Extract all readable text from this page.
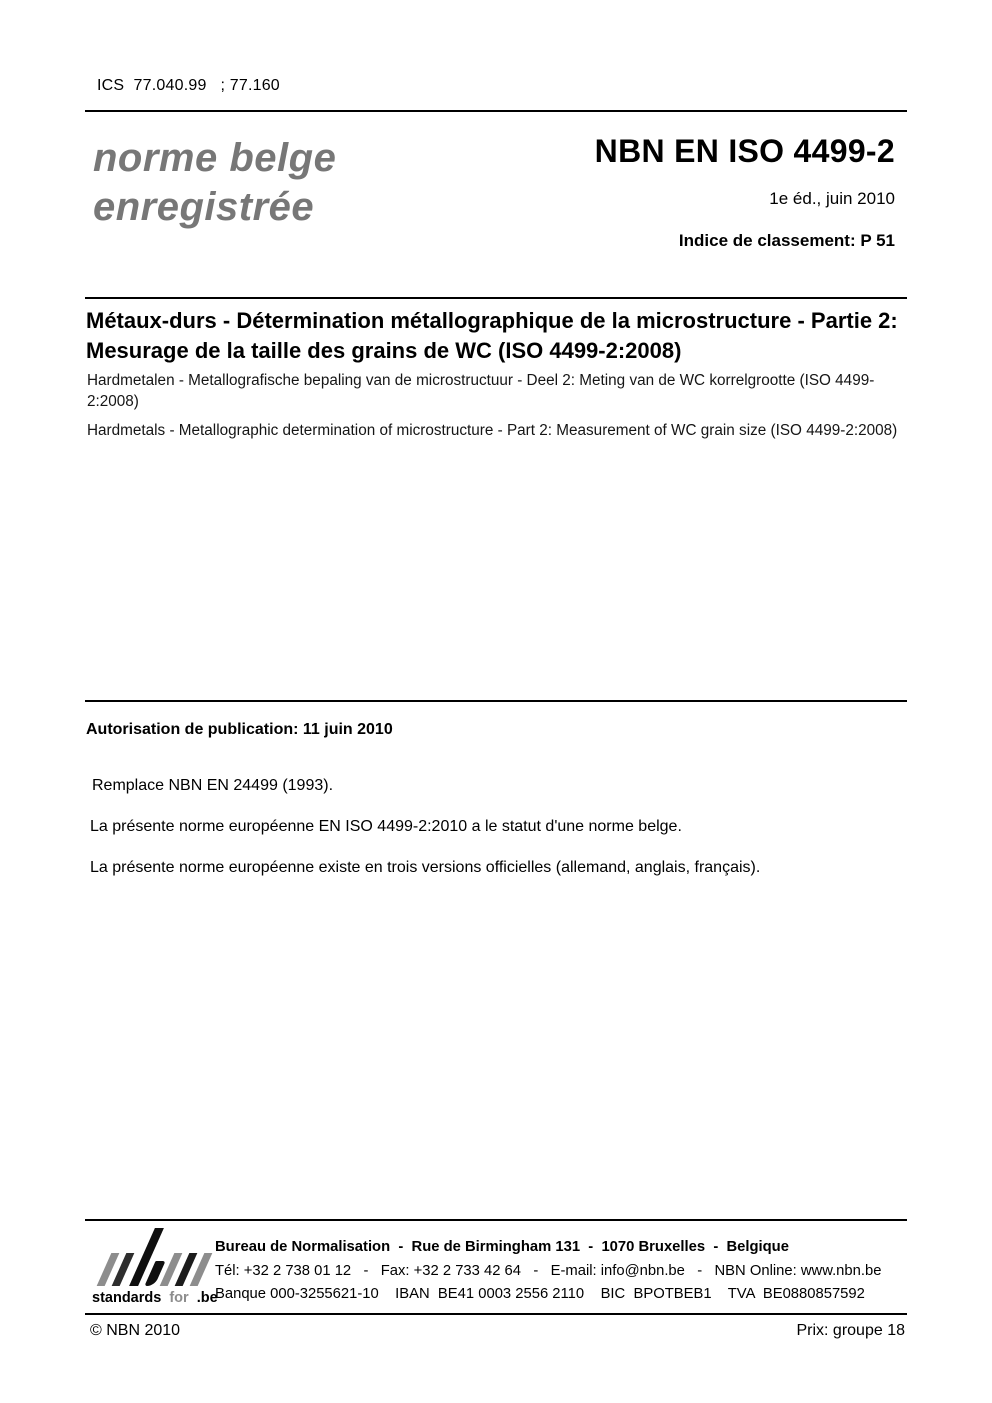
ICS  77.040.99   ; 77.160
norme belge
enregistrée
NBN EN ISO 4499-2
1e éd., juin 2010
Indice de classement: P 51
Métaux-durs - Détermination métallographique de la microstructure - Partie 2: Mesurage de la taille des grains de WC (ISO 4499-2:2008)
Hardmetalen - Metallografische bepaling van de microstructuur - Deel 2: Meting van de WC korrelgrootte (ISO 4499-2:2008)
Hardmetals - Metallographic determination of microstructure - Part 2: Measurement of WC grain size (ISO 4499-2:2008)
Autorisation de publication: 11 juin 2010
Remplace NBN EN 24499 (1993).
La présente norme européenne EN ISO 4499-2:2010 a le statut d'une norme belge.
La présente norme européenne existe en trois versions officielles (allemand, anglais, français).
standards for .be
Bureau de Normalisation  -  Rue de Birmingham 131  -  1070 Bruxelles  -  Belgique
Tél: +32 2 738 01 12   -   Fax: +32 2 733 42 64   -   E-mail: info@nbn.be   -   NBN Online: www.nbn.be
Banque 000-3255621-10    IBAN  BE41 0003 2556 2110    BIC  BPOTBEB1    TVA  BE0880857592
© NBN 2010	Prix: groupe 18
